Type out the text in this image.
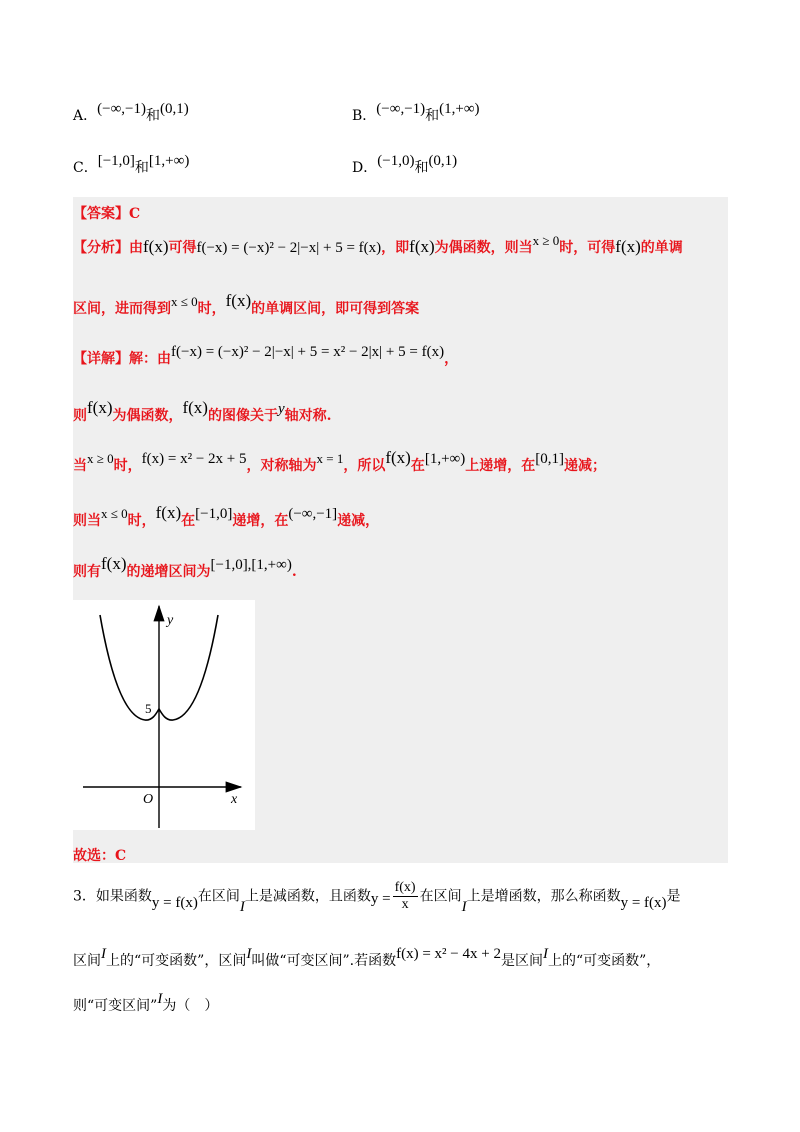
A．(−∞,−1)和(0,1)	B．(−∞,−1)和(1,+∞)
C．[−1,0]和[1,+∞)	D．(−1,0)和(0,1)
【答案】C
【分析】由f(x)可得f(−x) = (−x)² − 2|−x| + 5 = f(x)，即f(x)为偶函数，则当x ≥ 0时，可得f(x)的单调
区间，进而得到x ≤ 0时，f(x)的单调区间，即可得到答案
【详解】解：由f(−x) = (−x)² − 2|−x| + 5 = x² − 2|x| + 5 = f(x)，
则f(x)为偶函数，f(x)的图像关于y轴对称.
当x ≥ 0时，f(x) = x² − 2x + 5，对称轴为x = 1，所以f(x)在[1,+∞)上递增，在[0,1]递减；
则当x ≤ 0时，f(x)在[−1,0]递增，在(−∞,−1]递减，
则有f(x)的递增区间为[−1,0],[1,+∞).
y
x
O
5
故选：C
3．如果函数y = f(x)在区间I上是减函数，且函数$y = \frac{f(x)}{x}$ 在区间I上是增函数，那么称函数y = f(x)是
区间I上的“可变函数”，区间I叫做“可变区间”.若函数f(x) = x² − 4x + 2是区间I上的“可变函数”，
则“可变区间”I为（　）
